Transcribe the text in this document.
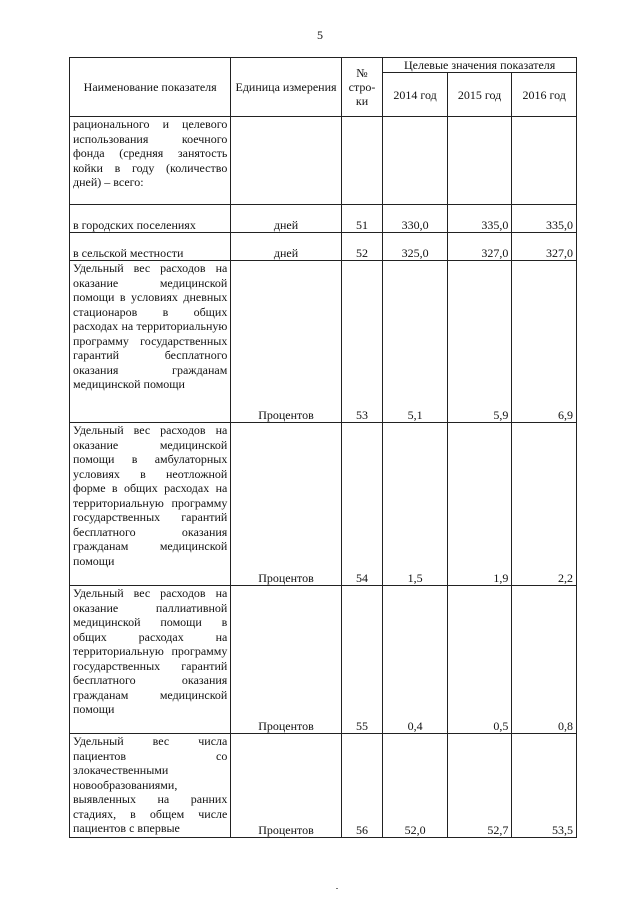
5
Наименование показателя	Единица измерения	№ стро-ки	Целевые значения показателя		
			2014 год	2015 год	2016 год
рационального и целевого использования коечного фонда (средняя занятость койки в году (количество дней) – всего:					
в городских поселениях	дней	51	330,0	335,0	335,0
в сельской местности	дней	52	325,0	327,0	327,0
Удельный вес расходов на оказание медицинской помощи в условиях дневных стационаров в общих расходах на территориальную программу государственных гарантий бесплатного оказания гражданам медицинской помощи	Процентов	53	5,1	5,9	6,9
Удельный вес расходов на оказание медицинской помощи в амбулаторных условиях в неотложной форме в общих расходах на территориальную программу государственных гарантий бесплатного оказания гражданам медицинской помощи	Процентов	54	1,5	1,9	2,2
Удельный вес расходов на оказание паллиативной медицинской помощи в общих расходах на территориальную программу государственных гарантий бесплатного оказания гражданам медицинской помощи	Процентов	55	0,4	0,5	0,8
Удельный вес числа пациентов со злокачественными новообразованиями, выявленных на ранних стадиях, в общем числе пациентов с впервые	Процентов	56	52,0	52,7	53,5
